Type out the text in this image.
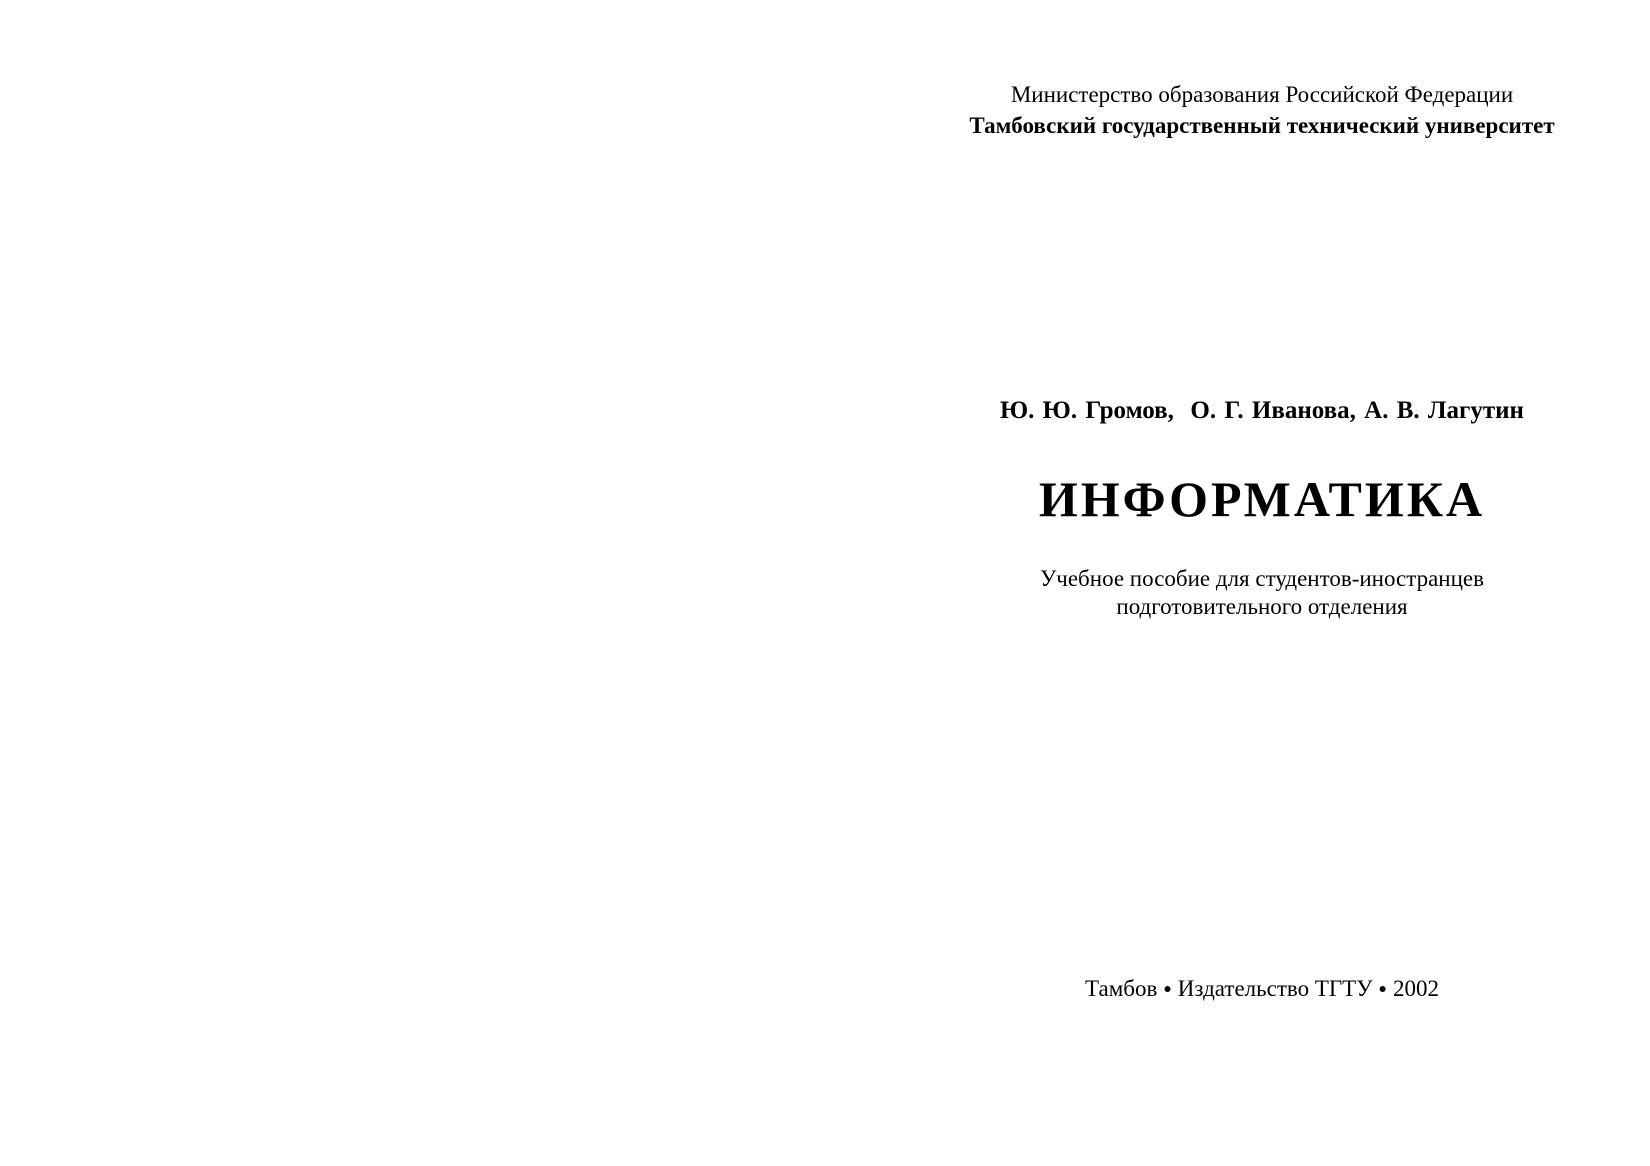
Министерство образования Российской Федерации
Тамбовский государственный технический университет
Ю. Ю. Громов,  О. Г. Иванова, А. В. Лагутин
ИНФОРМАТИКА
Учебное пособие для студентов-иностранцев
подготовительного отделения
Тамбов ● Издательство ТГТУ ● 2002
